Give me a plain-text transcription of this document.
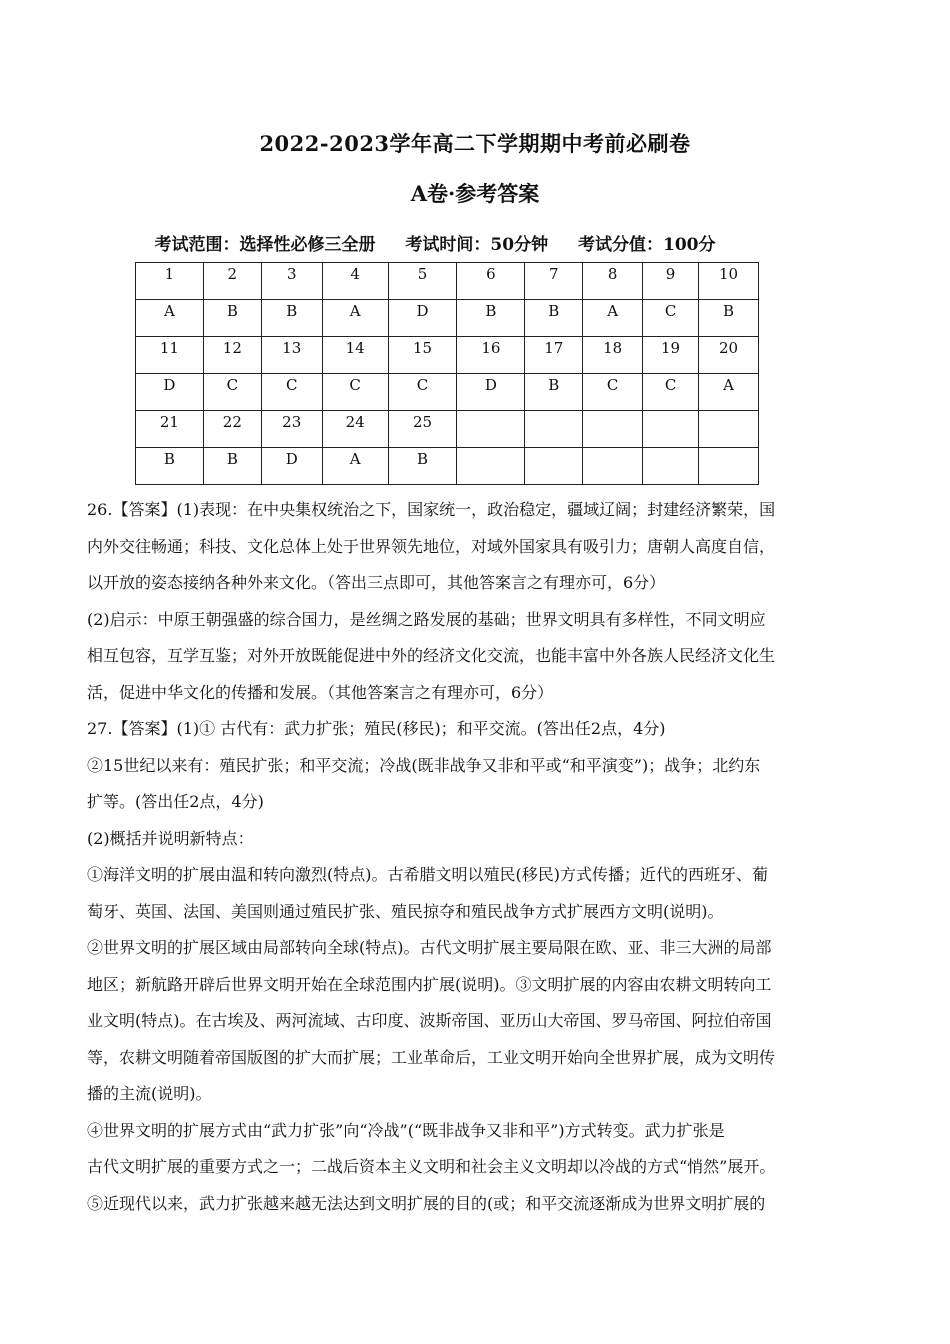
2022-2023学年高二下学期期中考前必刷卷
A卷·参考答案
考试范围：选择性必修三全册 考试时间：50分钟 考试分值：100分
1	2	3	4	5	6	7	8	9	10
A	B	B	A	D	B	B	A	C	B
11	12	13	14	15	16	17	18	19	20
D	C	C	C	C	D	B	C	C	A
21	22	23	24	25					
B	B	D	A	B					

26.【答案】(1)表现：在中央集权统治之下，国家统一，政治稳定，疆域辽阔；封建经济繁荣，国

内外交往畅通；科技、文化总体上处于世界领先地位，对域外国家具有吸引力；唐朝人高度自信，

以开放的姿态接纳各种外来文化。（答出三点即可，其他答案言之有理亦可，6分）

(2)启示：中原王朝强盛的综合国力，是丝绸之路发展的基础；世界文明具有多样性，不同文明应

相互包容，互学互鉴；对外开放既能促进中外的经济文化交流，也能丰富中外各族人民经济文化生

活，促进中华文化的传播和发展。（其他答案言之有理亦可，6分）

27.【答案】(1)① 古代有：武力扩张；殖民(移民)；和平交流。(答出任2点，4分)

②15世纪以来有：殖民扩张；和平交流；冷战(既非战争又非和平或“和平演变”)；战争；北约东

扩等。(答出任2点，4分)

(2)概括并说明新特点：

①海洋文明的扩展由温和转向激烈(特点)。古希腊文明以殖民(移民)方式传播；近代的西班牙、葡

萄牙、英国、法国、美国则通过殖民扩张、殖民掠夺和殖民战争方式扩展西方文明(说明)。

②世界文明的扩展区域由局部转向全球(特点)。古代文明扩展主要局限在欧、亚、非三大洲的局部

地区；新航路开辟后世界文明开始在全球范围内扩展(说明)。③文明扩展的内容由农耕文明转向工

业文明(特点)。在古埃及、两河流域、古印度、波斯帝国、亚历山大帝国、罗马帝国、阿拉伯帝国

等，农耕文明随着帝国版图的扩大而扩展；工业革命后，工业文明开始向全世界扩展，成为文明传

播的主流(说明)。

④世界文明的扩展方式由“武力扩张”向“冷战”(“既非战争又非和平”)方式转变。武力扩张是

古代文明扩展的重要方式之一；二战后资本主义文明和社会主义文明却以冷战的方式“悄然”展开。

⑤近现代以来，武力扩张越来越无法达到文明扩展的目的(或；和平交流逐渐成为世界文明扩展的
